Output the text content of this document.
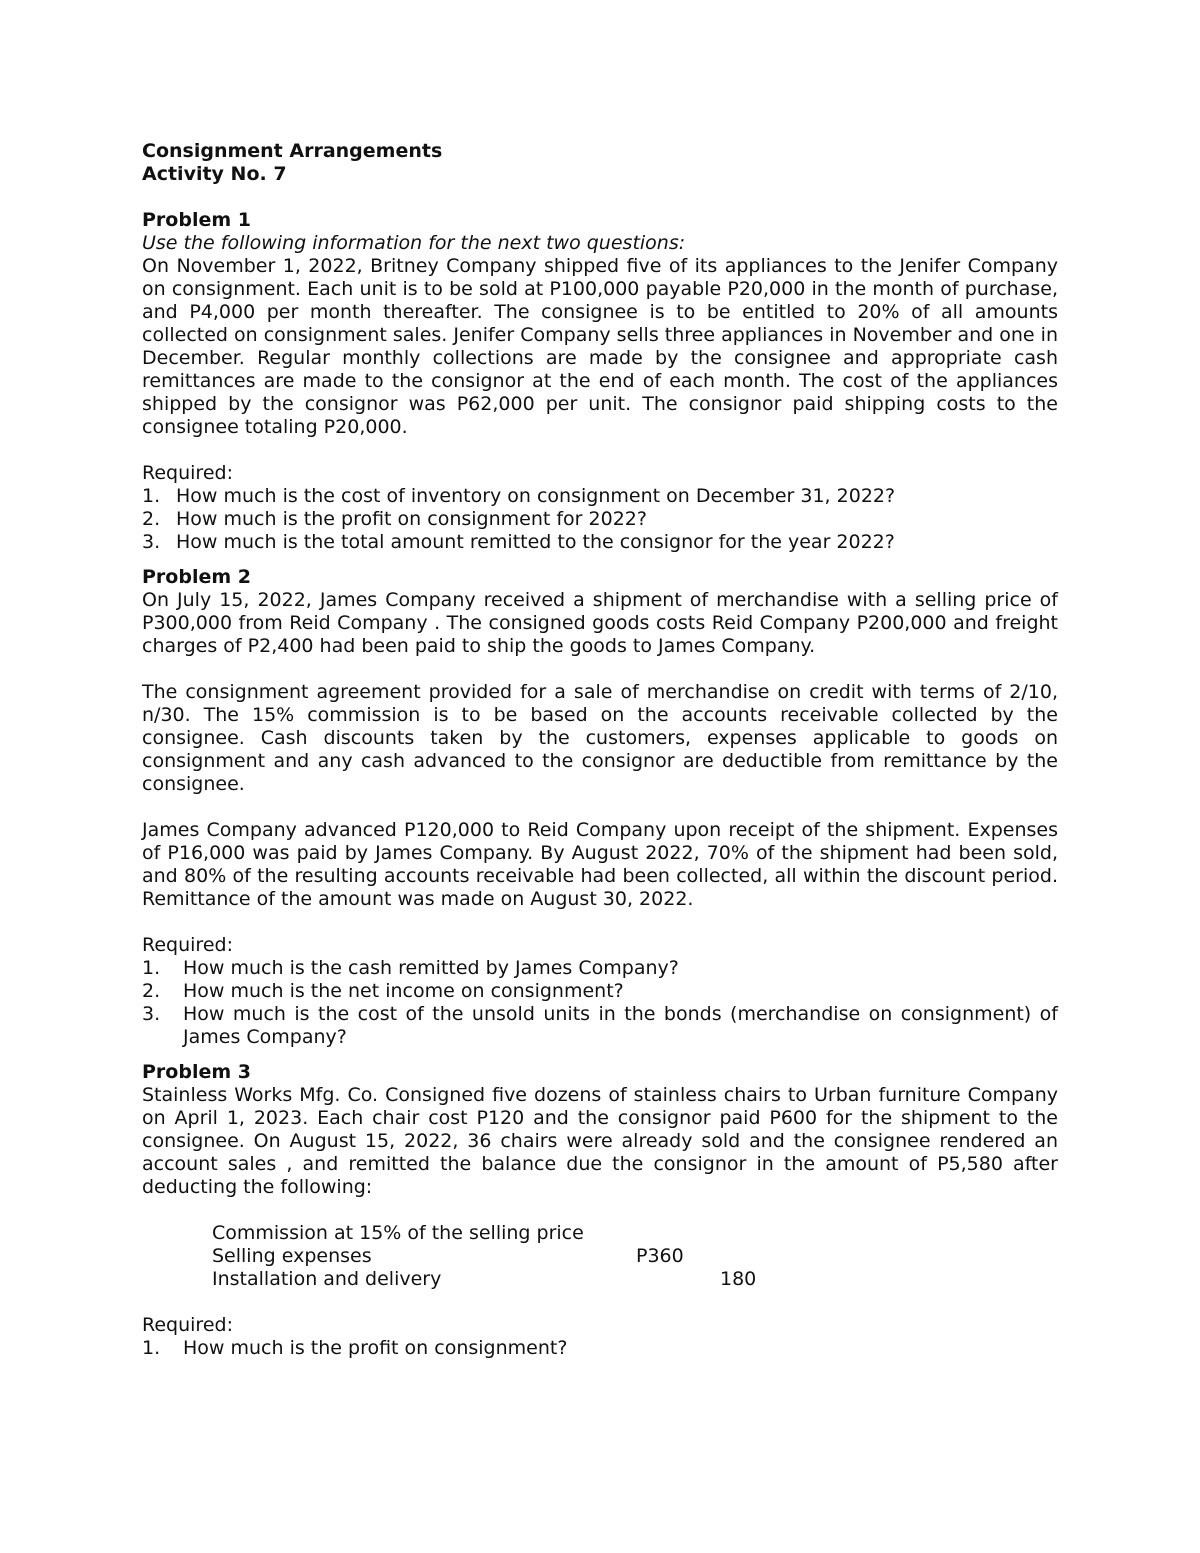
Consignment Arrangements

Activity No. 7

Problem 1

Use the following information for the next two questions:

On November 1, 2022, Britney Company shipped five of its appliances to the Jenifer Company on consignment. Each unit is to be sold at P100,000 payable P20,000 in the month of purchase, and P4,000 per month thereafter. The consignee is to be entitled to 20% of all amounts collected on consignment sales. Jenifer Company sells three appliances in November and one in December. Regular monthly collections are made by the consignee and appropriate cash remittances are made to the consignor at the end of each month. The cost of the appliances shipped by the consignor was P62,000 per unit. The consignor paid shipping costs to the consignee totaling P20,000.

Required:

1. How much is the cost of inventory on consignment on December 31, 2022?
2. How much is the profit on consignment for 2022?
3. How much is the total amount remitted to the consignor for the year 2022?

Problem 2

On July 15, 2022, James Company received a shipment of merchandise with a selling price of P300,000 from Reid Company . The consigned goods costs Reid Company P200,000 and freight charges of P2,400 had been paid to ship the goods to James Company.

The consignment agreement provided for a sale of merchandise on credit with terms of 2/10, n/30. The 15% commission is to be based on the accounts receivable collected by the consignee. Cash discounts taken by the customers, expenses applicable to goods on consignment and any cash advanced to the consignor are deductible from remittance by the consignee.

James Company advanced P120,000 to Reid Company upon receipt of the shipment. Expenses of P16,000 was paid by James Company. By August 2022, 70% of the shipment had been sold, and 80% of the resulting accounts receivable had been collected, all within the discount period. Remittance of the amount was made on August 30, 2022.

Required:

1. How much is the cash remitted by James Company?
2. How much is the net income on consignment?
3. How much is the cost of the unsold units in the bonds (merchandise on consignment) of James Company?

Problem 3

Stainless Works Mfg. Co. Consigned five dozens of stainless chairs to Urban furniture Company on April 1, 2023. Each chair cost P120 and the consignor paid P600 for the shipment to the consignee. On August 15, 2022, 36 chairs were already sold and the consignee rendered an account sales , and remitted the balance due the consignor in the amount of P5,580 after deducting the following:

Commission at 15% of the selling price
Selling expenses	P360
Installation and delivery	180

Required:

1. How much is the profit on consignment?
